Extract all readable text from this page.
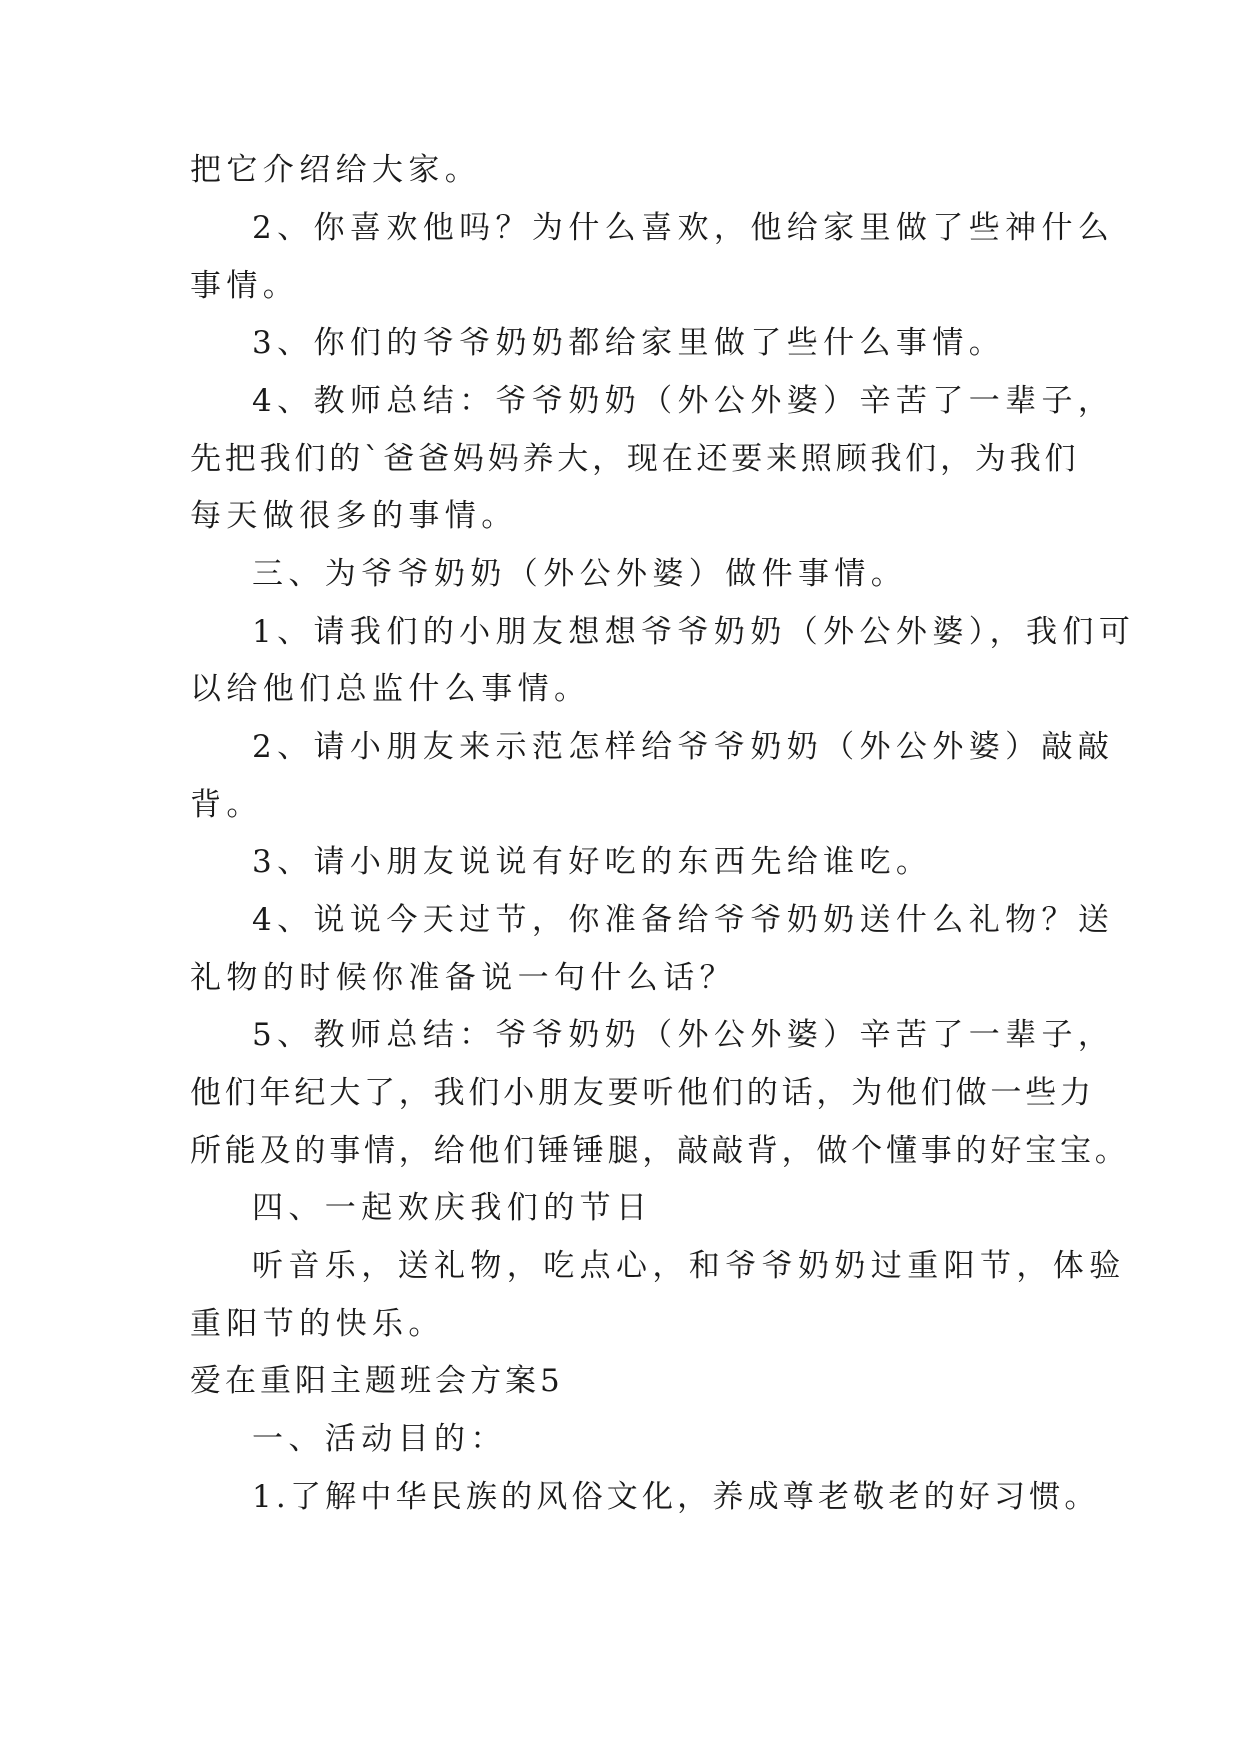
把它介绍给大家。
2、你喜欢他吗？为什么喜欢，他给家里做了些神什么
事情。
3、你们的爷爷奶奶都给家里做了些什么事情。
4、教师总结：爷爷奶奶（外公外婆）辛苦了一辈子，
先把我们的`爸爸妈妈养大，现在还要来照顾我们，为我们
每天做很多的事情。
三、为爷爷奶奶（外公外婆）做件事情。
1、请我们的小朋友想想爷爷奶奶（外公外婆），我们可
以给他们总监什么事情。
2、请小朋友来示范怎样给爷爷奶奶（外公外婆）敲敲
背。
3、请小朋友说说有好吃的东西先给谁吃。
4、说说今天过节，你准备给爷爷奶奶送什么礼物？送
礼物的时候你准备说一句什么话？
5、教师总结：爷爷奶奶（外公外婆）辛苦了一辈子，
他们年纪大了，我们小朋友要听他们的话，为他们做一些力
所能及的事情，给他们锤锤腿，敲敲背，做个懂事的好宝宝。
四、一起欢庆我们的节日
听音乐，送礼物，吃点心，和爷爷奶奶过重阳节，体验
重阳节的快乐。
爱在重阳主题班会方案5
一、活动目的：
1.了解中华民族的风俗文化，养成尊老敬老的好习惯。
